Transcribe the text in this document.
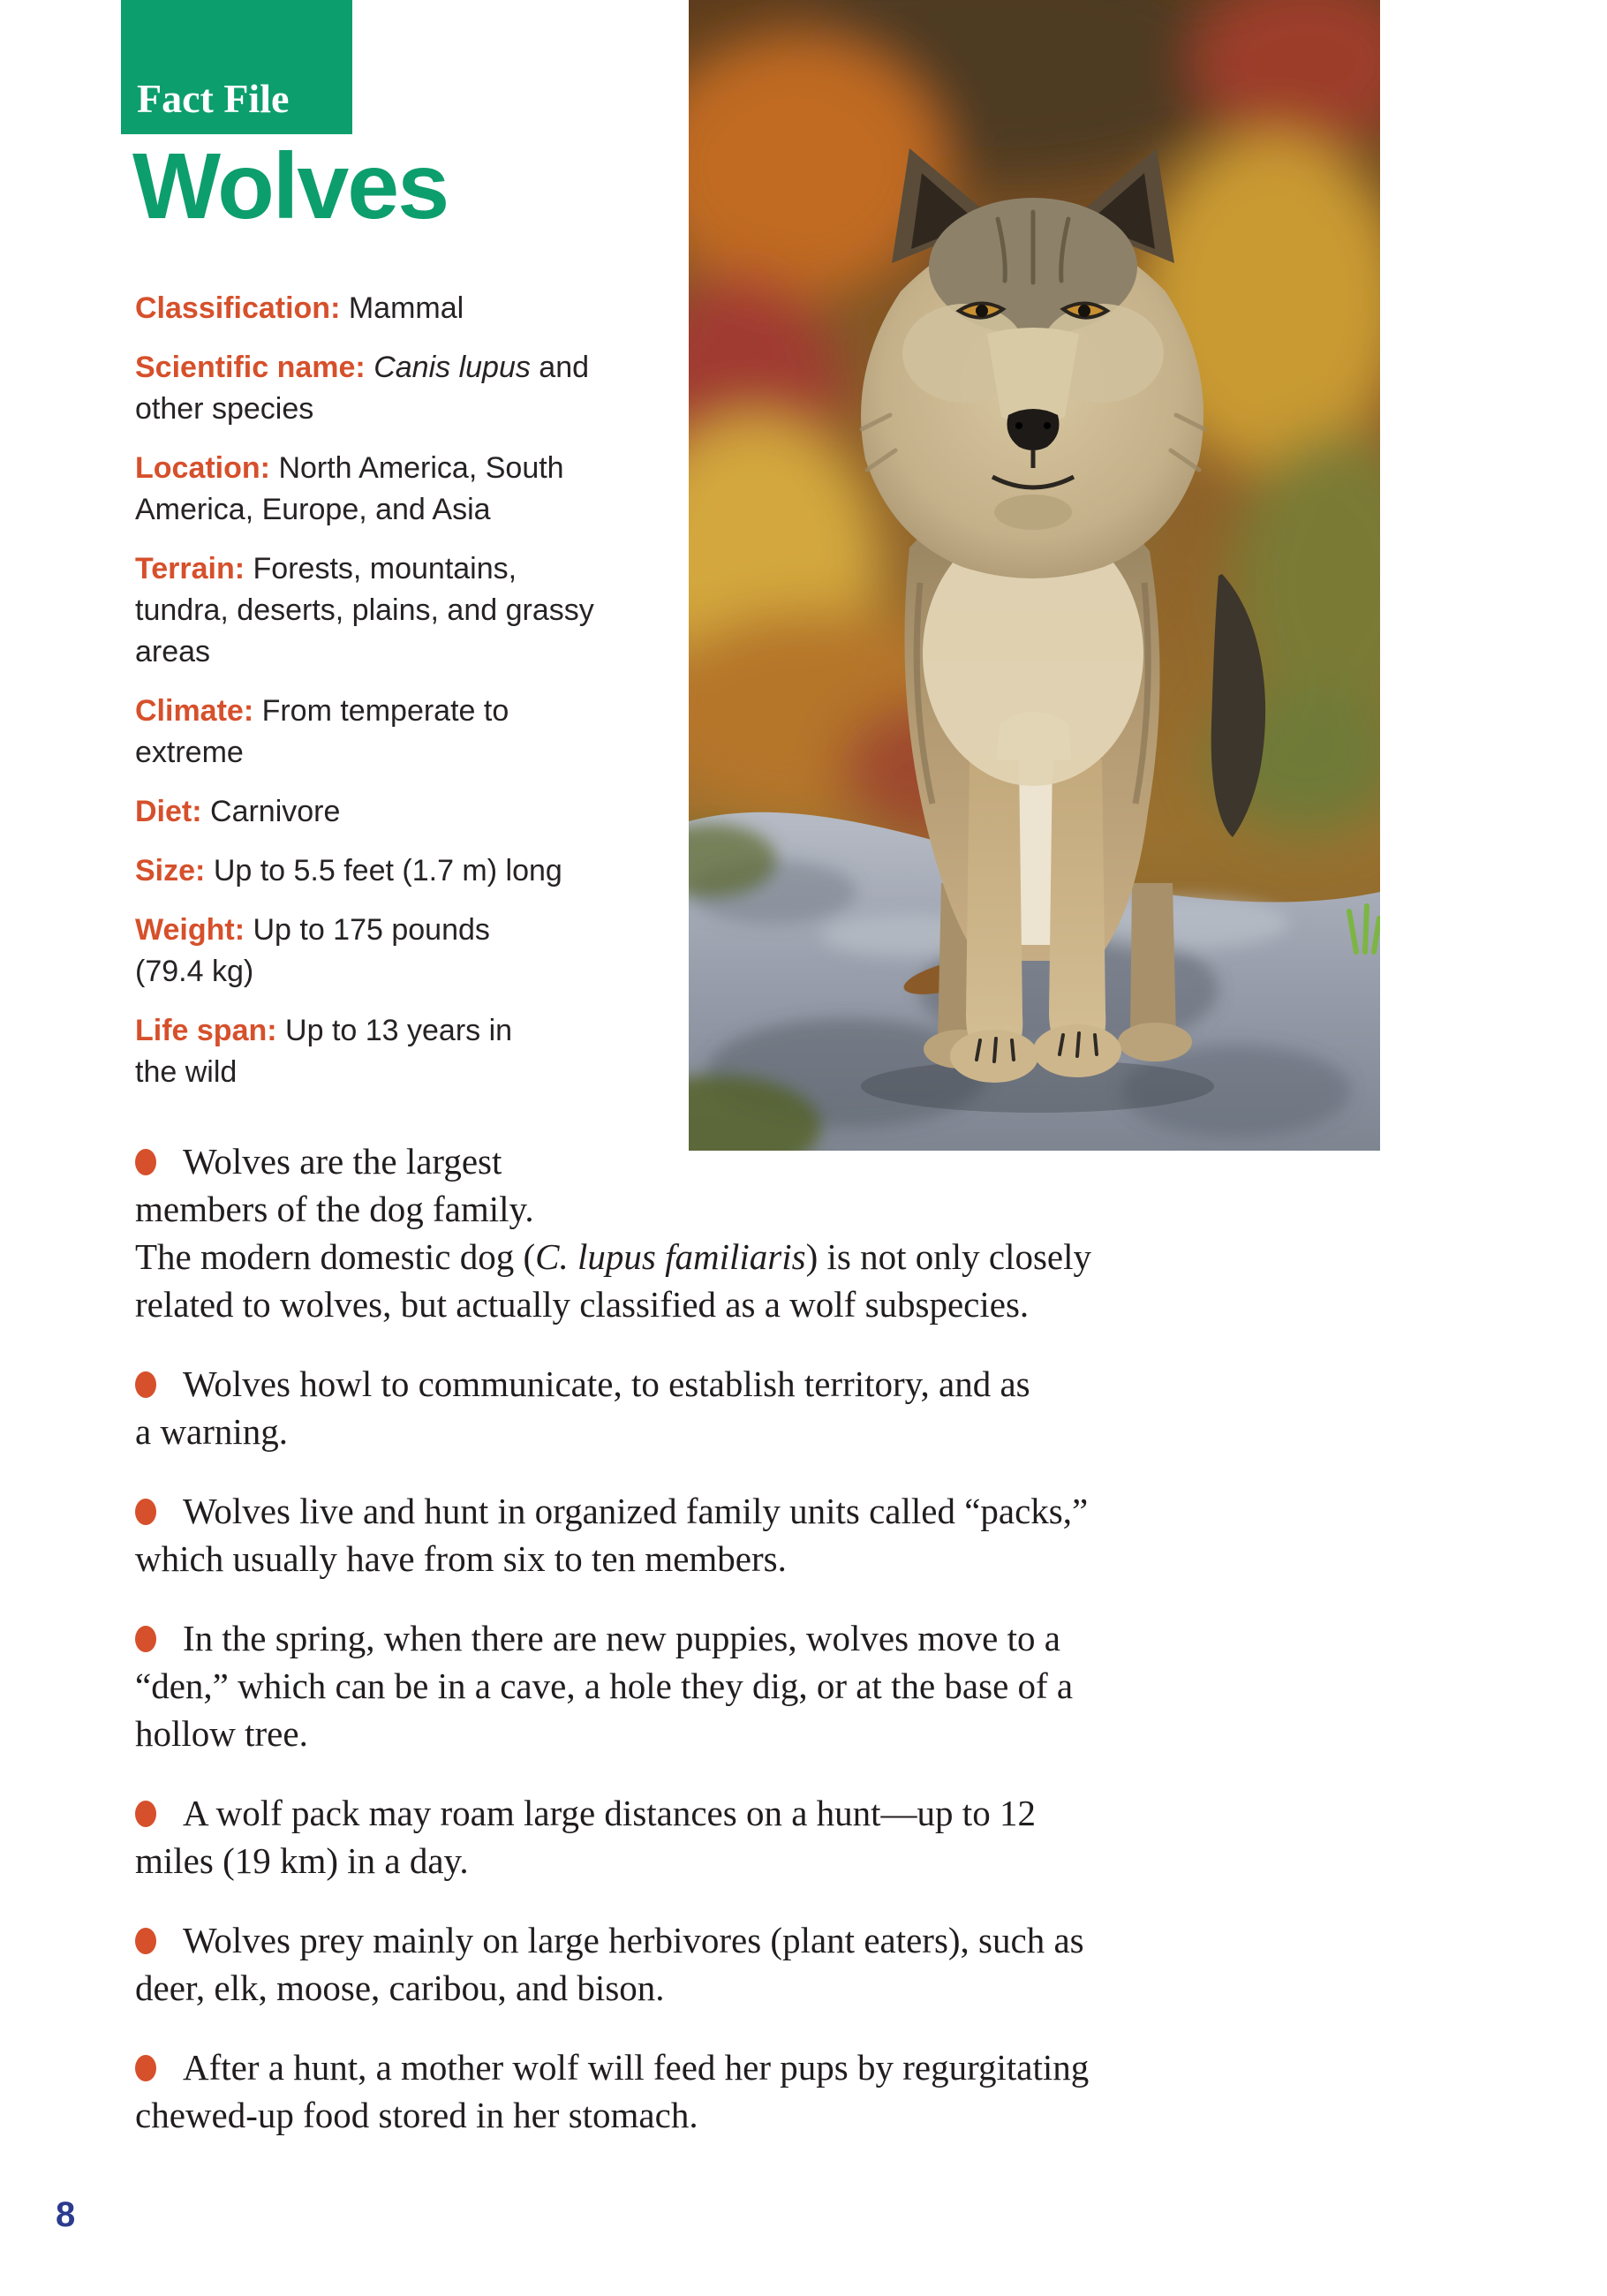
Fact File
Wolves

Classification: Mammal

Scientific name: Canis lupus and
other species

Location: North America, South
America, Europe, and Asia

Terrain: Forests, mountains,
tundra, deserts, plains, and grassy
areas

Climate: From temperate to
extreme

Diet: Carnivore

Size: Up to 5.5 feet (1.7 m) long

Weight: Up to 175 pounds
(79.4 kg)

Life span: Up to 13 years in
the wild

Wolves are the largest
members of the dog family.
The modern domestic dog (C. lupus familiaris) is not only closely
related to wolves, but actually classified as a wolf subspecies.

Wolves howl to communicate, to establish territory, and as
a warning.

Wolves live and hunt in organized family units called “packs,”
which usually have from six to ten members.

In the spring, when there are new puppies, wolves move to a
“den,” which can be in a cave, a hole they dig, or at the base of a
hollow tree.

A wolf pack may roam large distances on a hunt—up to 12
miles (19 km) in a day.

Wolves prey mainly on large herbivores (plant eaters), such as
deer, elk, moose, caribou, and bison.

After a hunt, a mother wolf will feed her pups by regurgitating
chewed-up food stored in her stomach.

8
